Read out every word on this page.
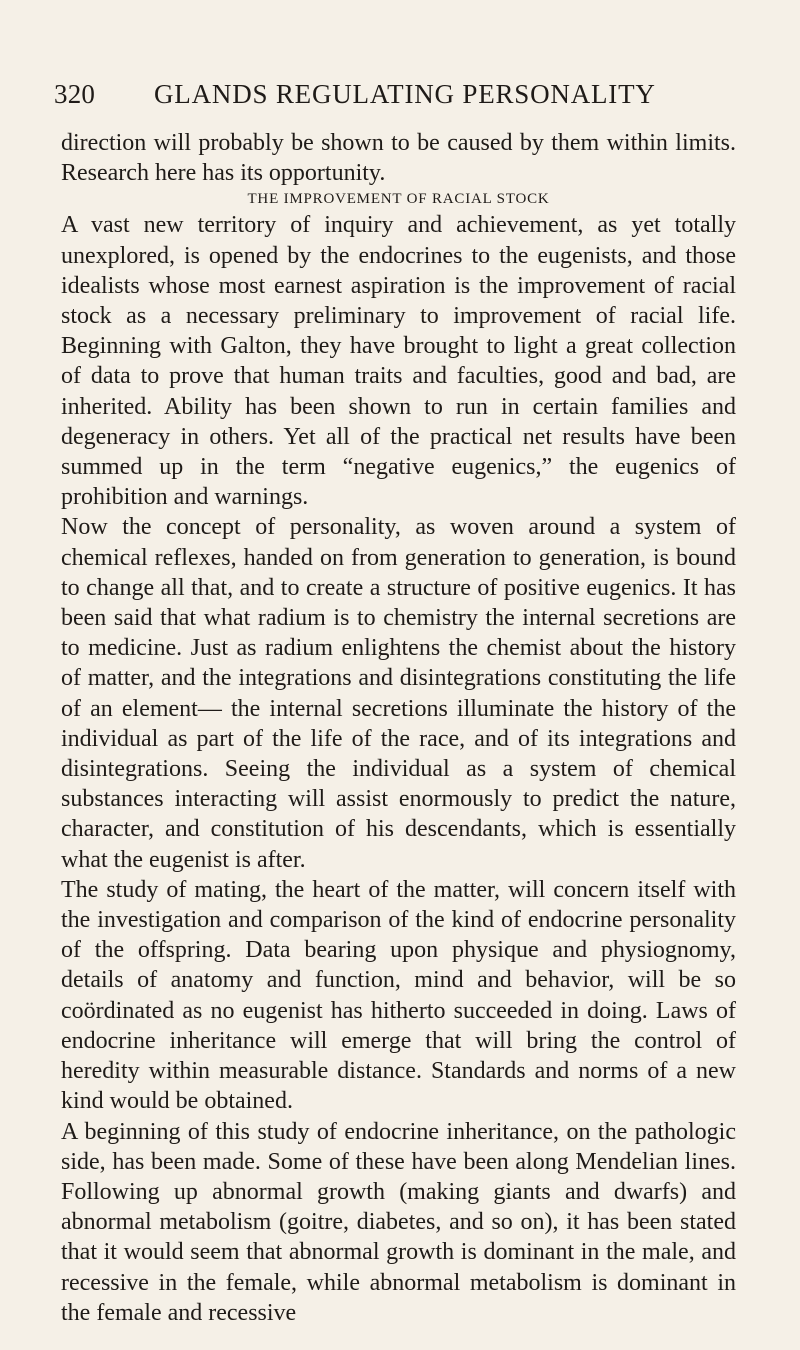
320 GLANDS REGULATING PERSONALITY

direction will probably be shown to be caused by them within limits. Research here has its opportunity.

THE IMPROVEMENT OF RACIAL STOCK

A vast new territory of inquiry and achievement, as yet totally unexplored, is opened by the endocrines to the eugenists, and those idealists whose most earnest aspiration is the improvement of racial stock as a necessary preliminary to improvement of racial life. Beginning with Galton, they have brought to light a great collection of data to prove that human traits and faculties, good and bad, are inherited. Ability has been shown to run in certain families and degeneracy in others. Yet all of the practical net results have been summed up in the term “negative eugenics,” the eugenics of prohibition and warnings.

Now the concept of personality, as woven around a system of chemical reflexes, handed on from generation to generation, is bound to change all that, and to create a structure of positive eugenics. It has been said that what radium is to chemistry the internal secretions are to medicine. Just as radium enlightens the chemist about the history of matter, and the integrations and disintegrations constituting the life of an element— the internal secretions illuminate the history of the individual as part of the life of the race, and of its integrations and disintegrations. Seeing the individual as a system of chemical substances interacting will assist enormously to predict the nature, character, and constitution of his descendants, which is essentially what the eugenist is after.

The study of mating, the heart of the matter, will concern itself with the investigation and comparison of the kind of endocrine personality of the offspring. Data bearing upon physique and physiognomy, details of anatomy and function, mind and behavior, will be so coördinated as no eugenist has hitherto succeeded in doing. Laws of endocrine inheritance will emerge that will bring the control of heredity within measurable distance. Standards and norms of a new kind would be obtained.

A beginning of this study of endocrine inheritance, on the pathologic side, has been made. Some of these have been along Mendelian lines. Following up abnormal growth (making giants and dwarfs) and abnormal metabolism (goitre, diabetes, and so on), it has been stated that it would seem that abnormal growth is dominant in the male, and recessive in the female, while abnormal metabolism is dominant in the female and recessive
